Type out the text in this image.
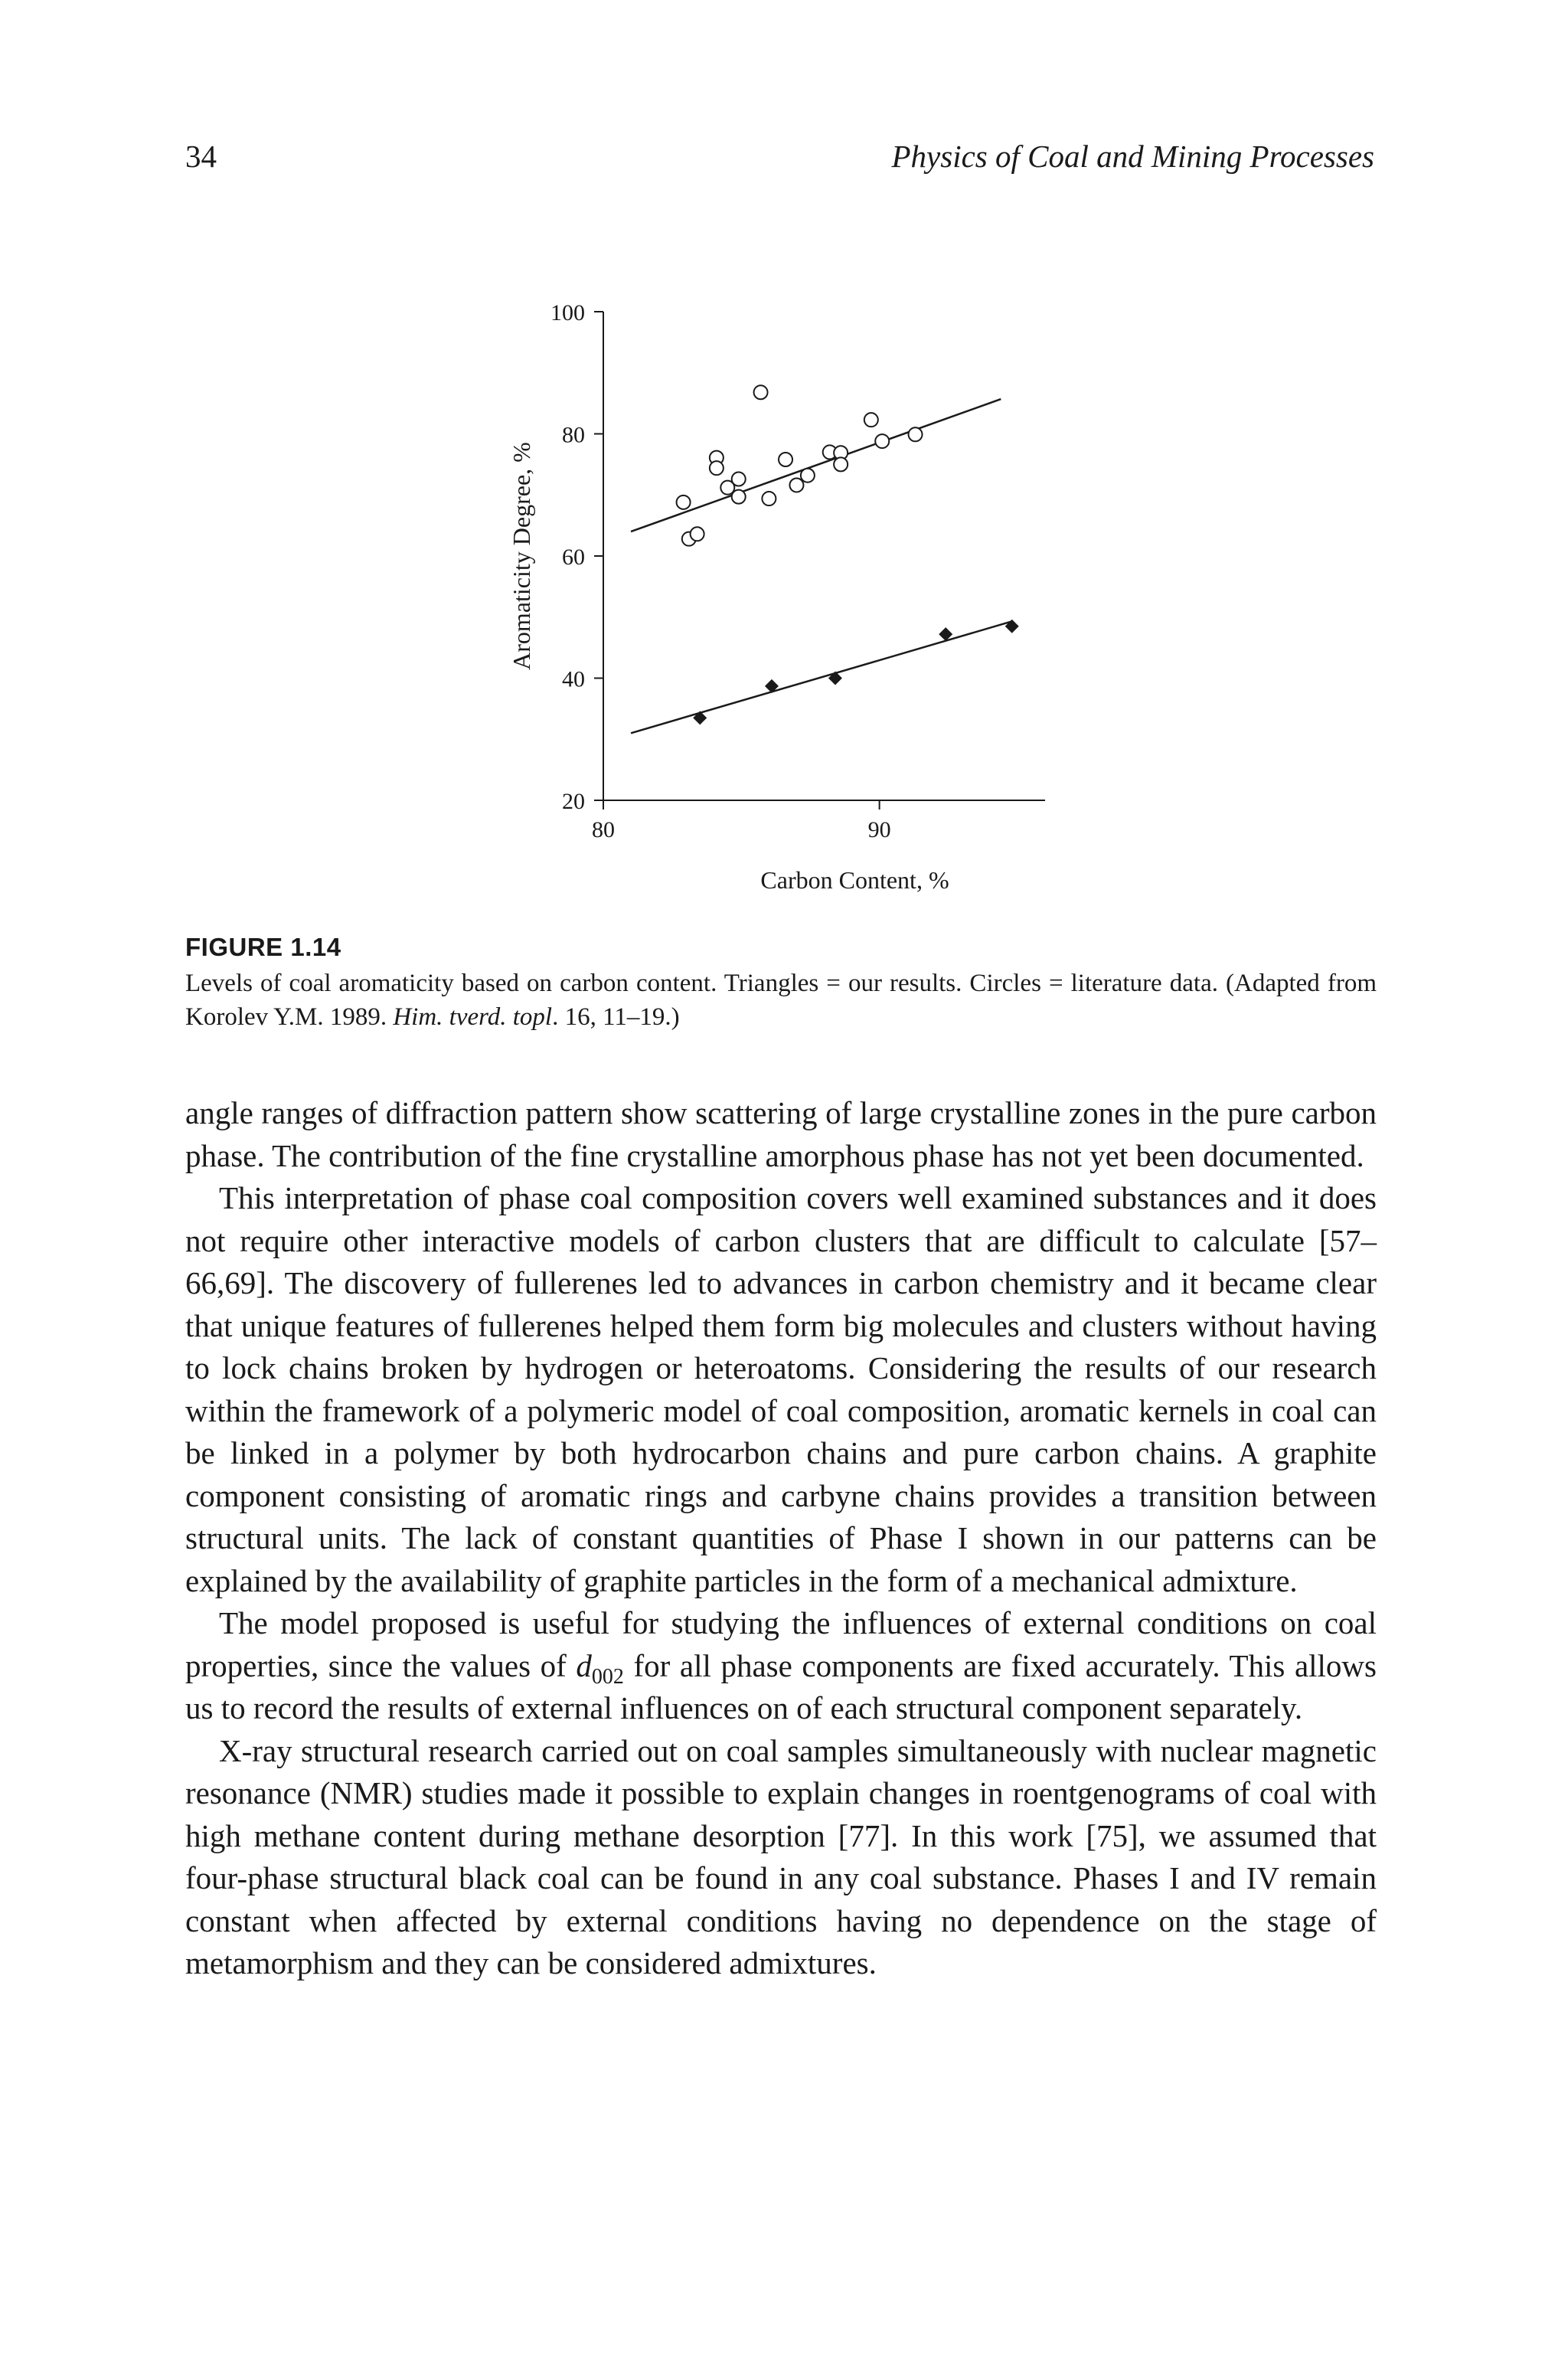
34	Physics of Coal and Mining Processes
20
40
60
80
100
80	90
Carbon Content, %
Aromaticity Degree, %
FIGURE 1.14
Levels of coal aromaticity based on carbon content. Triangles = our results. Circles = literature data. (Adapted from Korolev Y.M. 1989. Him. tverd. topl. 16, 11–19.)

angle ranges of diffraction pattern show scattering of large crystalline zones in the pure carbon phase. The contribution of the fine crystalline amorphous phase has not yet been documented.

This interpretation of phase coal composition covers well examined substances and it does not require other interactive models of carbon clusters that are difficult to calculate [57–66,69]. The discovery of fullerenes led to advances in carbon chemistry and it became clear that unique features of fullerenes helped them form big molecules and clusters without having to lock chains broken by hydrogen or heteroatoms. Considering the results of our research within the framework of a polymeric model of coal composition, aromatic kernels in coal can be linked in a polymer by both hydrocarbon chains and pure carbon chains. A graphite component consisting of aromatic rings and carbyne chains provides a transition between structural units. The lack of constant quantities of Phase I shown in our patterns can be explained by the availability of graphite particles in the form of a mechanical admixture.

The model proposed is useful for studying the influences of external conditions on coal properties, since the values of $d_{002}$ for all phase components are fixed accurately. This allows us to record the results of external influences on of each structural component separately.

X-ray structural research carried out on coal samples simultaneously with nuclear magnetic resonance (NMR) studies made it possible to explain changes in roentgenograms of coal with high methane content during methane desorption [77]. In this work [75], we assumed that four-phase structural black coal can be found in any coal substance. Phases I and IV remain constant when affected by external conditions having no dependence on the stage of metamorphism and they can be considered admixtures.
